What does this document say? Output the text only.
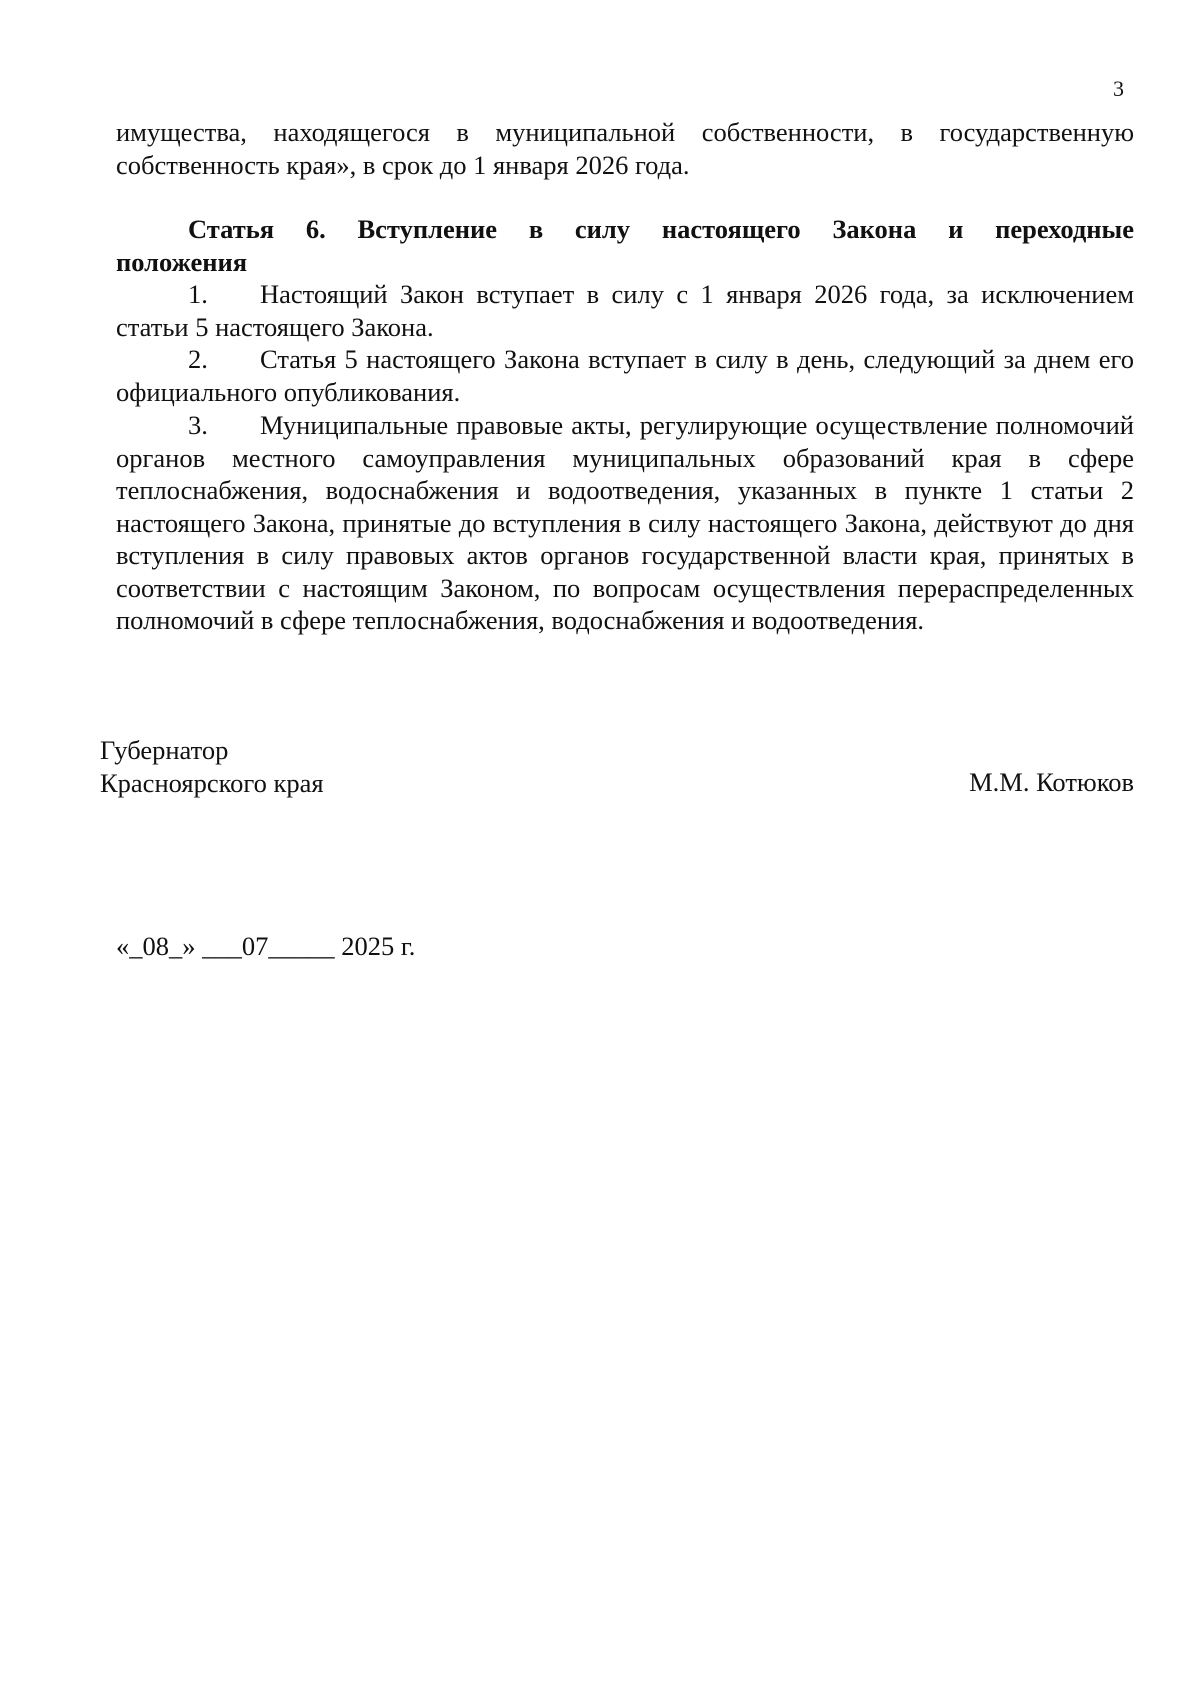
3
имущества, находящегося в муниципальной собственности, в государственную собственность края», в срок до 1 января 2026 года.
Статья 6. Вступление в силу настоящего Закона и переходные
положения
1. Настоящий Закон вступает в силу с 1 января 2026 года, за исключением статьи 5 настоящего Закона.
2. Статья 5 настоящего Закона вступает в силу в день, следующий за днем его официального опубликования.
3. Муниципальные правовые акты, регулирующие осуществление полномочий органов местного самоуправления муниципальных образований края в сфере теплоснабжения, водоснабжения и водоотведения, указанных в пункте 1 статьи 2 настоящего Закона, принятые до вступления в силу настоящего Закона, действуют до дня вступления в силу правовых актов органов государственной власти края, принятых в соответствии с настоящим Законом, по вопросам осуществления перераспределенных полномочий в сфере теплоснабжения, водоснабжения и водоотведения.
Губернатор
Красноярского края	М.М. Котюков
«_08_» ___07_____ 2025 г.
